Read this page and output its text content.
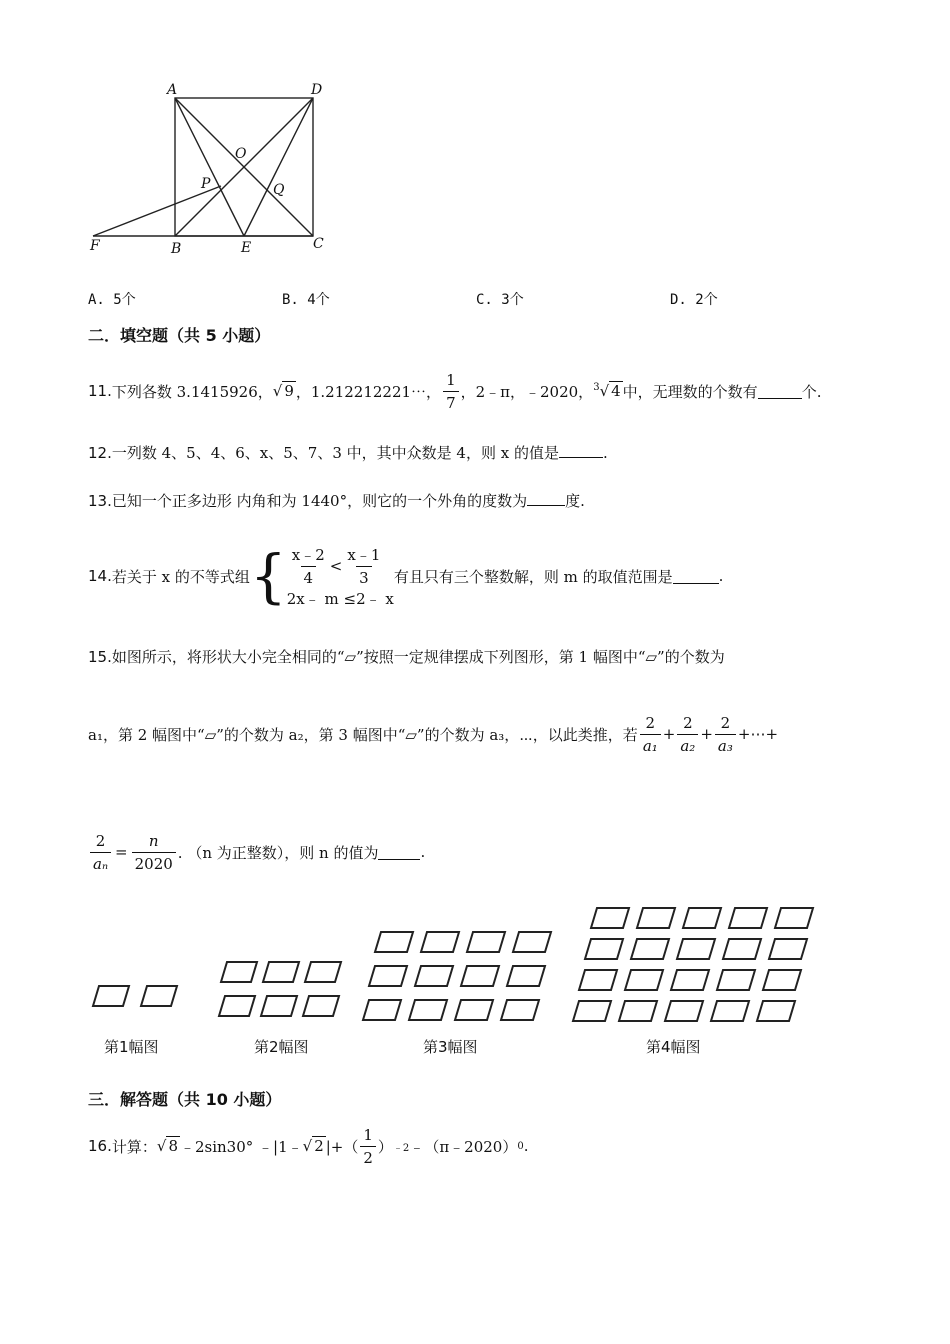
A	D
O
P	Q
F	B	E	C
A. 5个	B. 4个	C. 3个	D. 2个
二．填空题（共 5 小题）
11. 下列各数 3.1415926， √ 9 ，1.212212221⋯， $\frac{1}{7}$ ，2﹣π，﹣2020， $^3$√ 4 中，无理数的个数有	个.
12.一列数 4、5、4、6、x、5、7、3 中，其中众数是 4，则 x 的值是	.
13.已知一个正多边形 内角和为 1440°，则它的一个外角的度数为	度.
14. 若关于 x 的不等式组 { $\frac{x﹣2}{4} < \frac{x﹣1}{3}$
2x﹣ m ≤2﹣ x
有且只有三个整数解，则 m 的取值范围是	.
15.如图所示，将形状大小完全相同的“▱”按照一定规律摆成下列图形，第 1 幅图中“▱”的个数为
a₁，第 2 幅图中“▱”的个数为 a₂，第 3 幅图中“▱”的个数为 a₃，⋯，以此类推，若 $\frac{2}{\text{a₁}} + \frac{2}{\text{a₂}} + \frac{2}{\text{a₃}}$ +⋯+
$\frac{2}{\text{aₙ}} = \frac{n}{2020}$ . （n 为正整数），则 n 的值为	.
第1幅图	第2幅图	第3幅图	第4幅图
三．解答题（共 10 小题）
16. 计算： √ 8 ﹣2sin30° ﹣|1﹣ √ 2 |+（ $\frac{1}{2}$ ） ﹣2 ﹣（π﹣2020） 0 .
